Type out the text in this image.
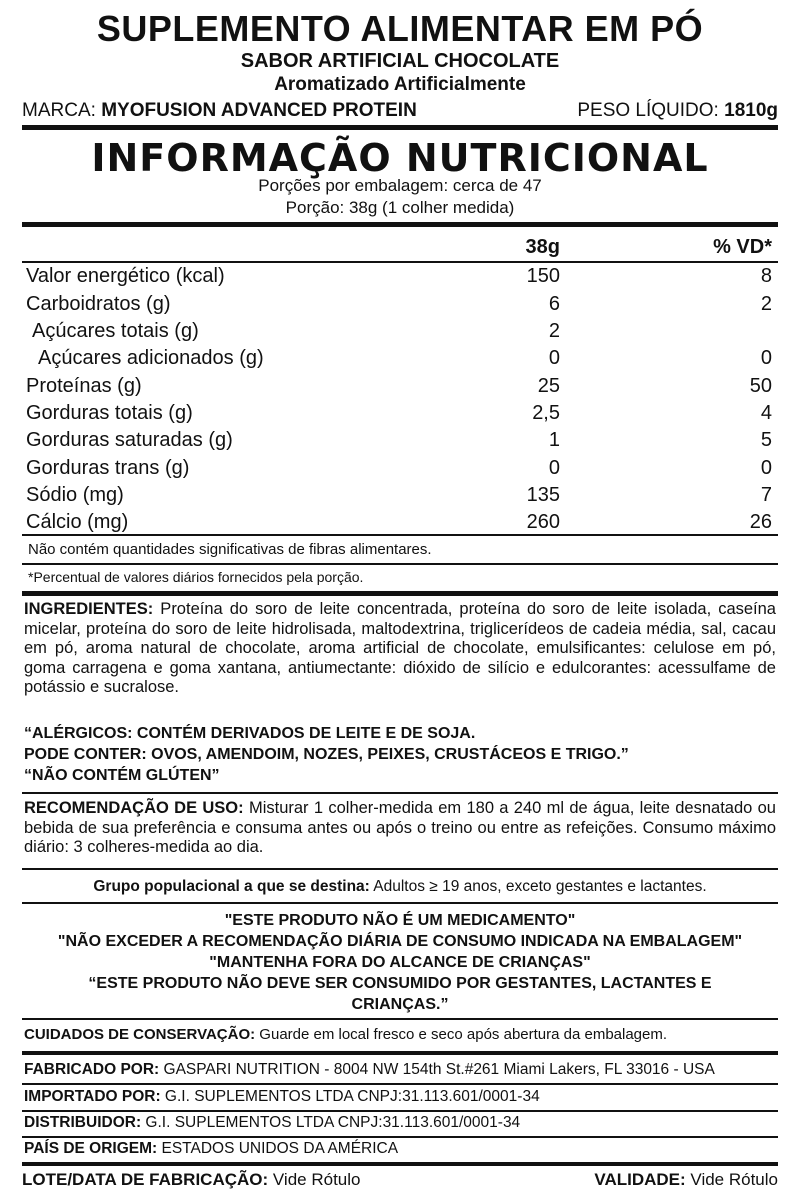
SUPLEMENTO ALIMENTAR EM PÓ
SABOR ARTIFICIAL CHOCOLATE
Aromatizado Artificialmente
MARCA: MYOFUSION ADVANCED PROTEIN	PESO LÍQUIDO: 1810g
INFORMAÇÃO NUTRICIONAL
Porções por embalagem: cerca de 47
Porção: 38g (1 colher medida)
	38g	% VD*
Valor energético (kcal)	150	8
Carboidratos (g)	6	2
Açúcares totais (g)	2	
Açúcares adicionados (g)	0	0
Proteínas (g)	25	50
Gorduras totais (g)	2,5	4
Gorduras saturadas (g)	1	5
Gorduras trans (g)	0	0
Sódio (mg)	135	7
Cálcio (mg)	260	26
Não contém quantidades significativas de fibras alimentares.
*Percentual de valores diários fornecidos pela porção.
INGREDIENTES: Proteína do soro de leite concentrada, proteína do soro de leite isolada, caseína micelar, proteína do soro de leite hidrolisada, maltodextrina, triglicerídeos de cadeia média, sal, cacau em pó, aroma natural de chocolate, aroma artificial de chocolate, emulsificantes: celulose em pó, goma carragena e goma xantana, antiumectante: dióxido de silício e edulcorantes: acessulfame de potássio e sucralose.
“ALÉRGICOS: CONTÉM DERIVADOS DE LEITE E DE SOJA.
PODE CONTER: OVOS, AMENDOIM, NOZES, PEIXES, CRUSTÁCEOS E TRIGO.”
“NÃO CONTÉM GLÚTEN”
RECOMENDAÇÃO DE USO: Misturar 1 colher-medida em 180 a 240 ml de água, leite desnatado ou bebida de sua preferência e consuma antes ou após o treino ou entre as refeições. Consumo máximo diário: 3 colheres-medida ao dia.
Grupo populacional a que se destina: Adultos ≥ 19 anos, exceto gestantes e lactantes.
"ESTE PRODUTO NÃO É UM MEDICAMENTO"
"NÃO EXCEDER A RECOMENDAÇÃO DIÁRIA DE CONSUMO INDICADA NA EMBALAGEM"
"MANTENHA FORA DO ALCANCE DE CRIANÇAS"
“ESTE PRODUTO NÃO DEVE SER CONSUMIDO POR GESTANTES, LACTANTES E CRIANÇAS.”
CUIDADOS DE CONSERVAÇÃO: Guarde em local fresco e seco após abertura da embalagem.
FABRICADO POR: GASPARI NUTRITION - 8004 NW 154th St.#261 Miami Lakers, FL 33016 - USA
IMPORTADO POR: G.I. SUPLEMENTOS LTDA CNPJ:31.113.601/0001-34
DISTRIBUIDOR: G.I. SUPLEMENTOS LTDA CNPJ:31.113.601/0001-34
PAÍS DE ORIGEM: ESTADOS UNIDOS DA AMÉRICA
LOTE/DATA DE FABRICAÇÃO: Vide Rótulo	VALIDADE: Vide Rótulo
